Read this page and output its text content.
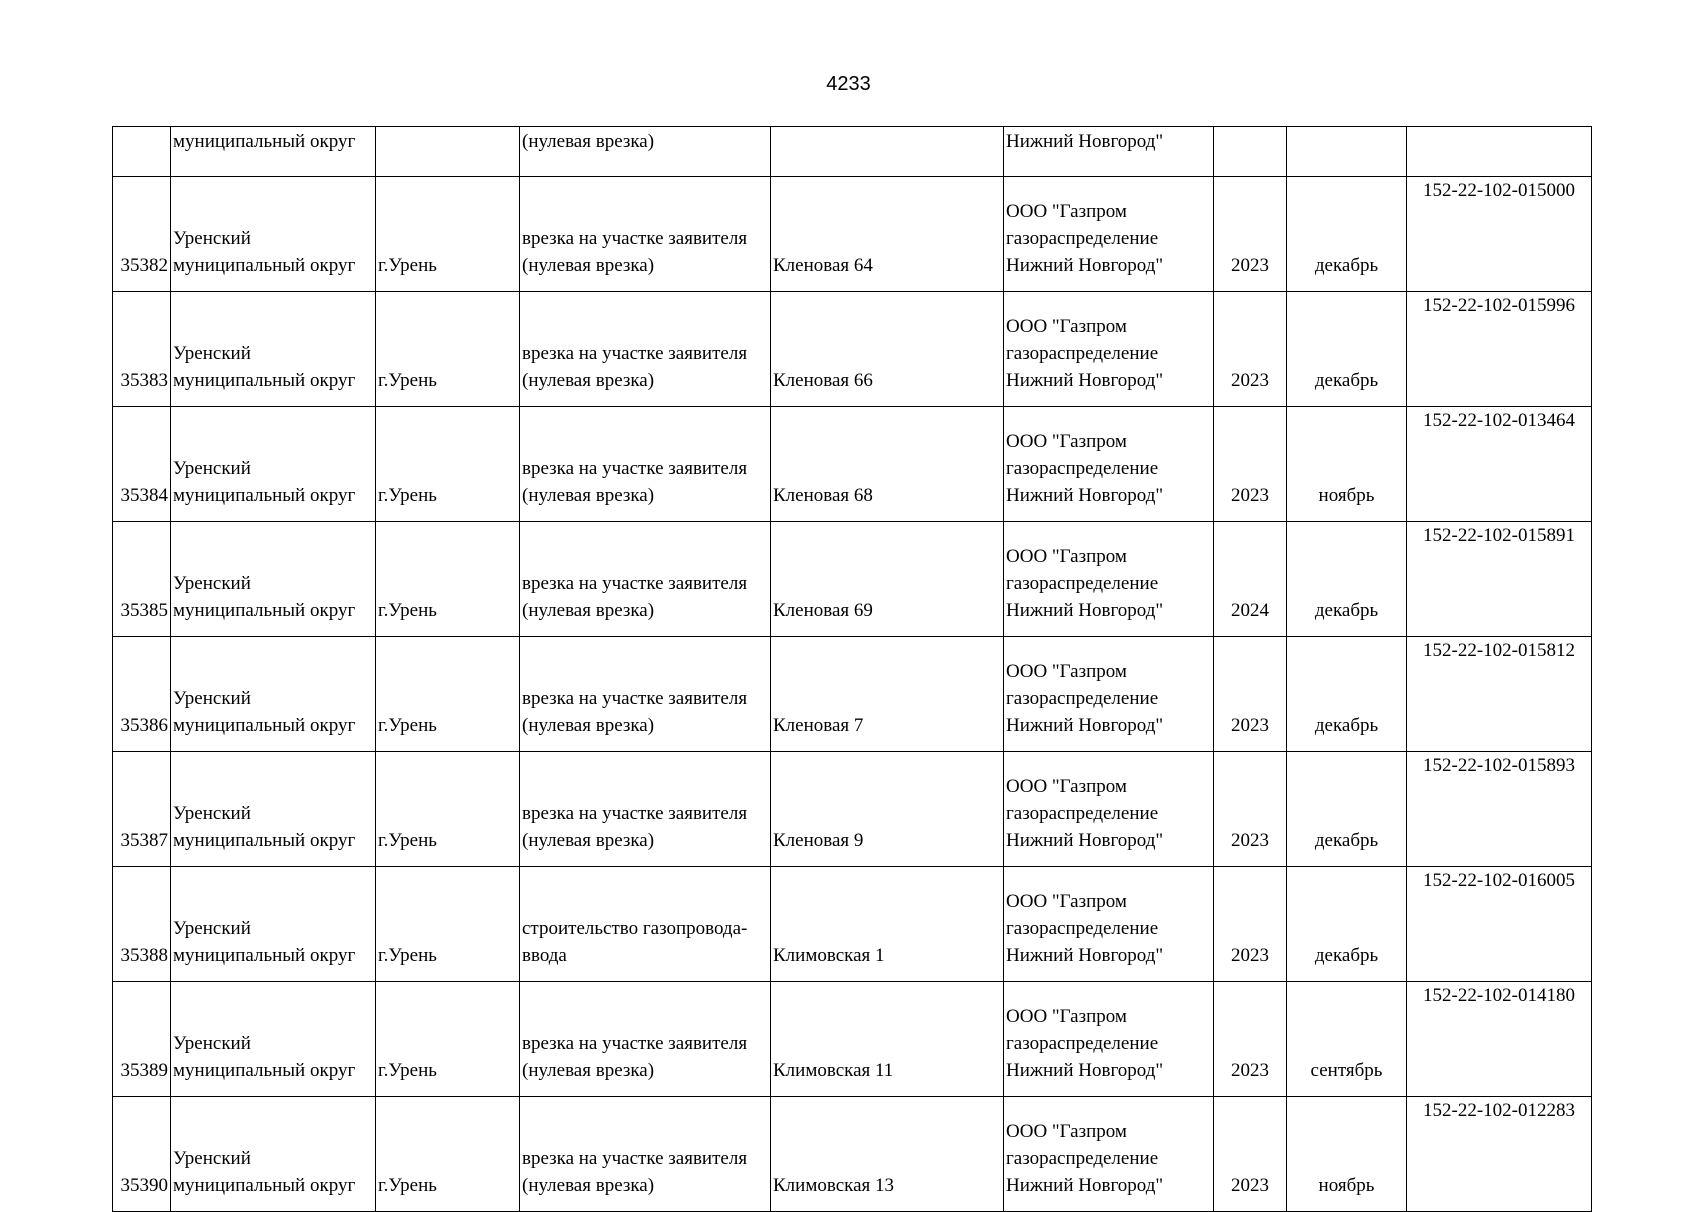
4233
	муниципальный округ		(нулевая врезка)		Нижний Новгород"			
35382	Уренский
муниципальный округ	г.Урень	врезка на участке заявителя
(нулевая врезка)	Кленовая 64	ООО "Газпром
газораспределение
Нижний Новгород"	2023	декабрь	152-22-102-015000
35383	Уренский
муниципальный округ	г.Урень	врезка на участке заявителя
(нулевая врезка)	Кленовая 66	ООО "Газпром
газораспределение
Нижний Новгород"	2023	декабрь	152-22-102-015996
35384	Уренский
муниципальный округ	г.Урень	врезка на участке заявителя
(нулевая врезка)	Кленовая 68	ООО "Газпром
газораспределение
Нижний Новгород"	2023	ноябрь	152-22-102-013464
35385	Уренский
муниципальный округ	г.Урень	врезка на участке заявителя
(нулевая врезка)	Кленовая 69	ООО "Газпром
газораспределение
Нижний Новгород"	2024	декабрь	152-22-102-015891
35386	Уренский
муниципальный округ	г.Урень	врезка на участке заявителя
(нулевая врезка)	Кленовая 7	ООО "Газпром
газораспределение
Нижний Новгород"	2023	декабрь	152-22-102-015812
35387	Уренский
муниципальный округ	г.Урень	врезка на участке заявителя
(нулевая врезка)	Кленовая 9	ООО "Газпром
газораспределение
Нижний Новгород"	2023	декабрь	152-22-102-015893
35388	Уренский
муниципальный округ	г.Урень	строительство газопровода-
ввода	Климовская 1	ООО "Газпром
газораспределение
Нижний Новгород"	2023	декабрь	152-22-102-016005
35389	Уренский
муниципальный округ	г.Урень	врезка на участке заявителя
(нулевая врезка)	Климовская 11	ООО "Газпром
газораспределение
Нижний Новгород"	2023	сентябрь	152-22-102-014180
35390	Уренский
муниципальный округ	г.Урень	врезка на участке заявителя
(нулевая врезка)	Климовская 13	ООО "Газпром
газораспределение
Нижний Новгород"	2023	ноябрь	152-22-102-012283
